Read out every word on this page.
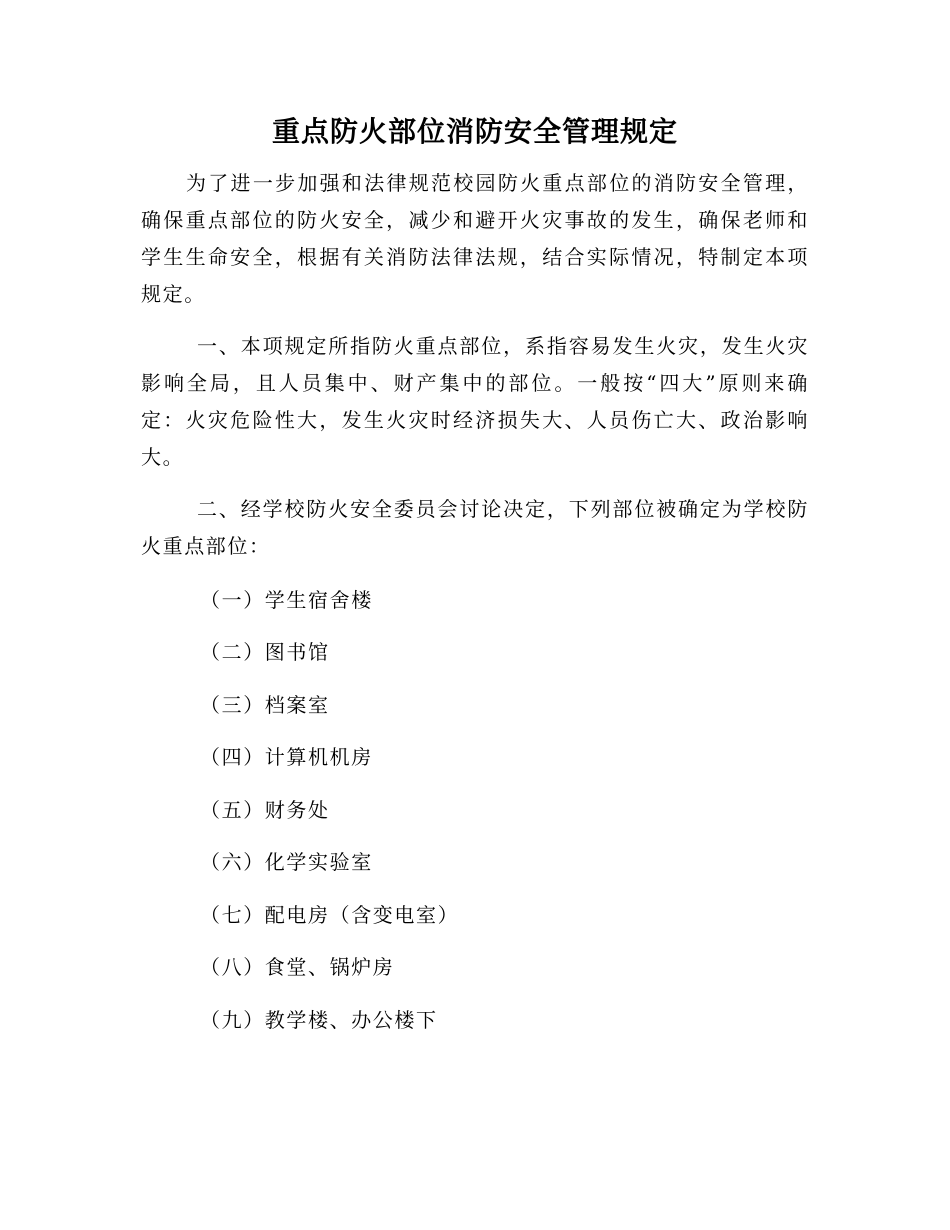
重点防火部位消防安全管理规定

为了进一步加强和法律规范校园防火重点部位的消防安全管理，确保重点部位的防火安全，减少和避开火灾事故的发生，确保老师和学生生命安全，根据有关消防法律法规，结合实际情况，特制定本项规定。

一、本项规定所指防火重点部位，系指容易发生火灾，发生火灾影响全局，且人员集中、财产集中的部位。一般按“四大”原则来确定：火灾危险性大，发生火灾时经济损失大、人员伤亡大、政治影响大。

二、经学校防火安全委员会讨论决定，下列部位被确定为学校防火重点部位：

（一）学生宿舍楼

（二）图书馆

（三）档案室

（四）计算机机房

（五）财务处

（六）化学实验室

（七）配电房（含变电室）

（八）食堂、锅炉房

（九）教学楼、办公楼下
